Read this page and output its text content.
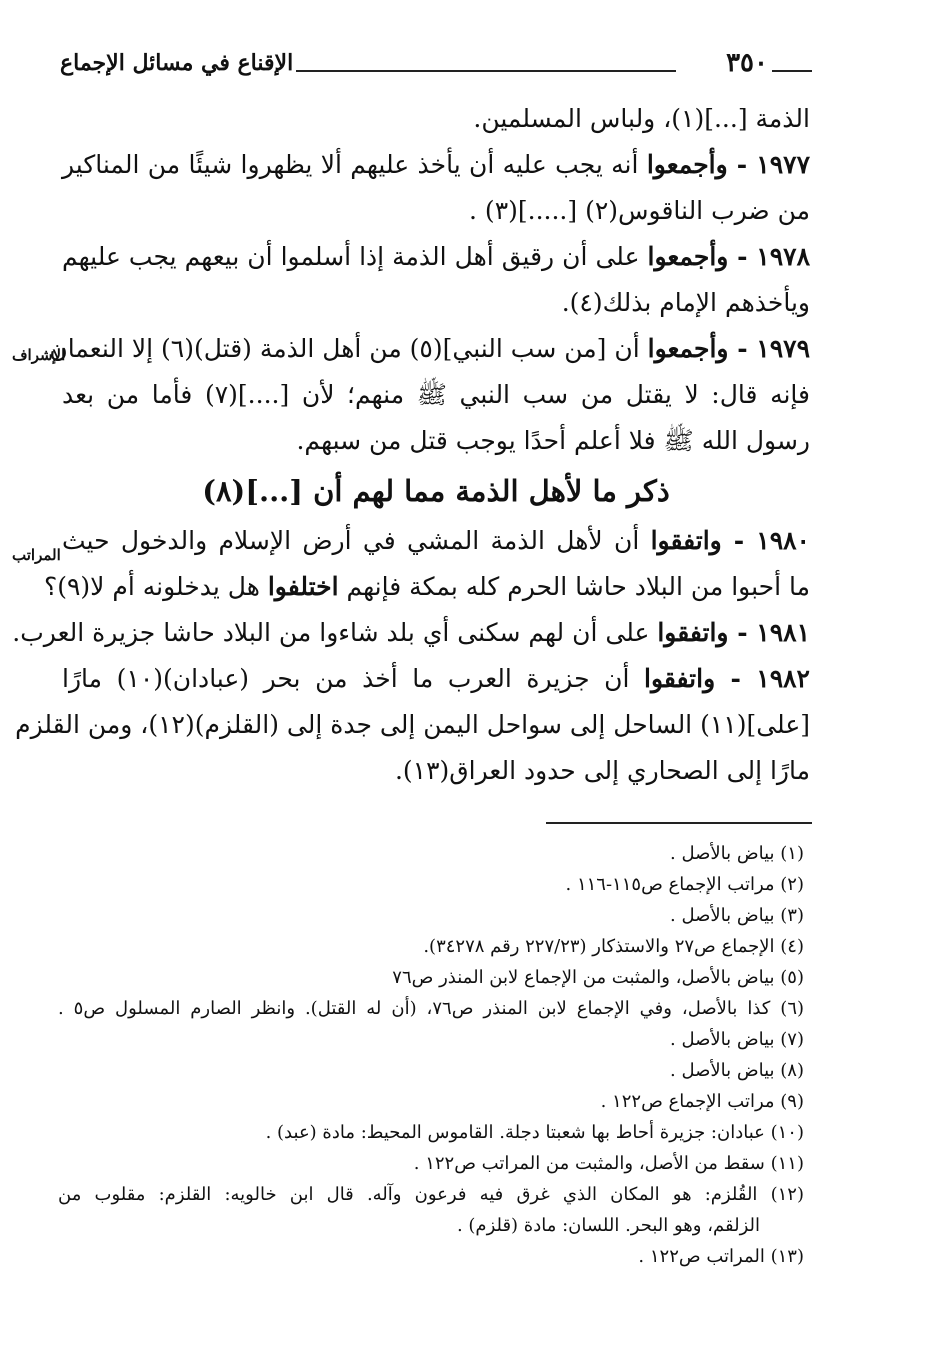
٣٥٠
الإقناع في مسائل الإجماع
الإشراف
المراتب
الذمة [...](١)، ولباس المسلمين.
١٩٧٧ - وأجمعوا أنه يجب عليه أن يأخذ عليهم ألا يظهروا شيئًا من المناكير
من ضرب الناقوس(٢) [.....](٣) .
١٩٧٨ - وأجمعوا على أن رقيق أهل الذمة إذا أسلموا أن بيعهم يجب عليهم
ويأخذهم الإمام بذلك(٤).
١٩٧٩ - وأجمعوا أن [من سب النبي](٥) من أهل الذمة (قتل)(٦) إلا النعمان
فإنه قال: لا يقتل من سب النبي ﷺ منهم؛ لأن [....](٧) فأما من بعد
رسول الله ﷺ فلا أعلم أحدًا يوجب قتل من سبهم.
ذكر ما لأهل الذمة مما لهم أن [...](٨)
١٩٨٠ - واتفقوا أن لأهل الذمة المشي في أرض الإسلام والدخول حيث
ما أحبوا من البلاد حاشا الحرم كله بمكة فإنهم اختلفوا هل يدخلونه أم لا(٩)؟
١٩٨١ - واتفقوا على أن لهم سكنى أي بلد شاءوا من البلاد حاشا جزيرة العرب.
١٩٨٢ - واتفقوا أن جزيرة العرب ما أخذ من بحر (عبادان)(١٠) مارًا
[على](١١) الساحل إلى سواحل اليمن إلى جدة إلى (القلزم)(١٢)، ومن القلزم
مارًا إلى الصحاري إلى حدود العراق(١٣).
(١) بياض بالأصل .
(٢) مراتب الإجماع ص١١٥-١١٦ .
(٣) بياض بالأصل .
(٤) الإجماع ص٢٧ والاستذكار (٢٢٧/٢٣ رقم ٣٤٢٧٨).
(٥) بياض بالأصل، والمثبت من الإجماع لابن المنذر ص٧٦
(٦) كذا بالأصل، وفي الإجماع لابن المنذر ص٧٦، (أن له القتل). وانظر الصارم المسلول ص٥ .
(٧) بياض بالأصل .
(٨) بياض بالأصل .
(٩) مراتب الإجماع ص١٢٢ .
(١٠) عبادان: جزيرة أحاط بها شعبتا دجلة. القاموس المحيط: مادة (عبد) .
(١١) سقط من الأصل، والمثبت من المراتب ص١٢٢ .
(١٢) القُلزم: هو المكان الذي غرق فيه فرعون وآله. قال ابن خالويه: القلزم: مقلوب من
الزلقم، وهو البحر. اللسان: مادة (قلزم) .
(١٣) المراتب ص١٢٢ .
